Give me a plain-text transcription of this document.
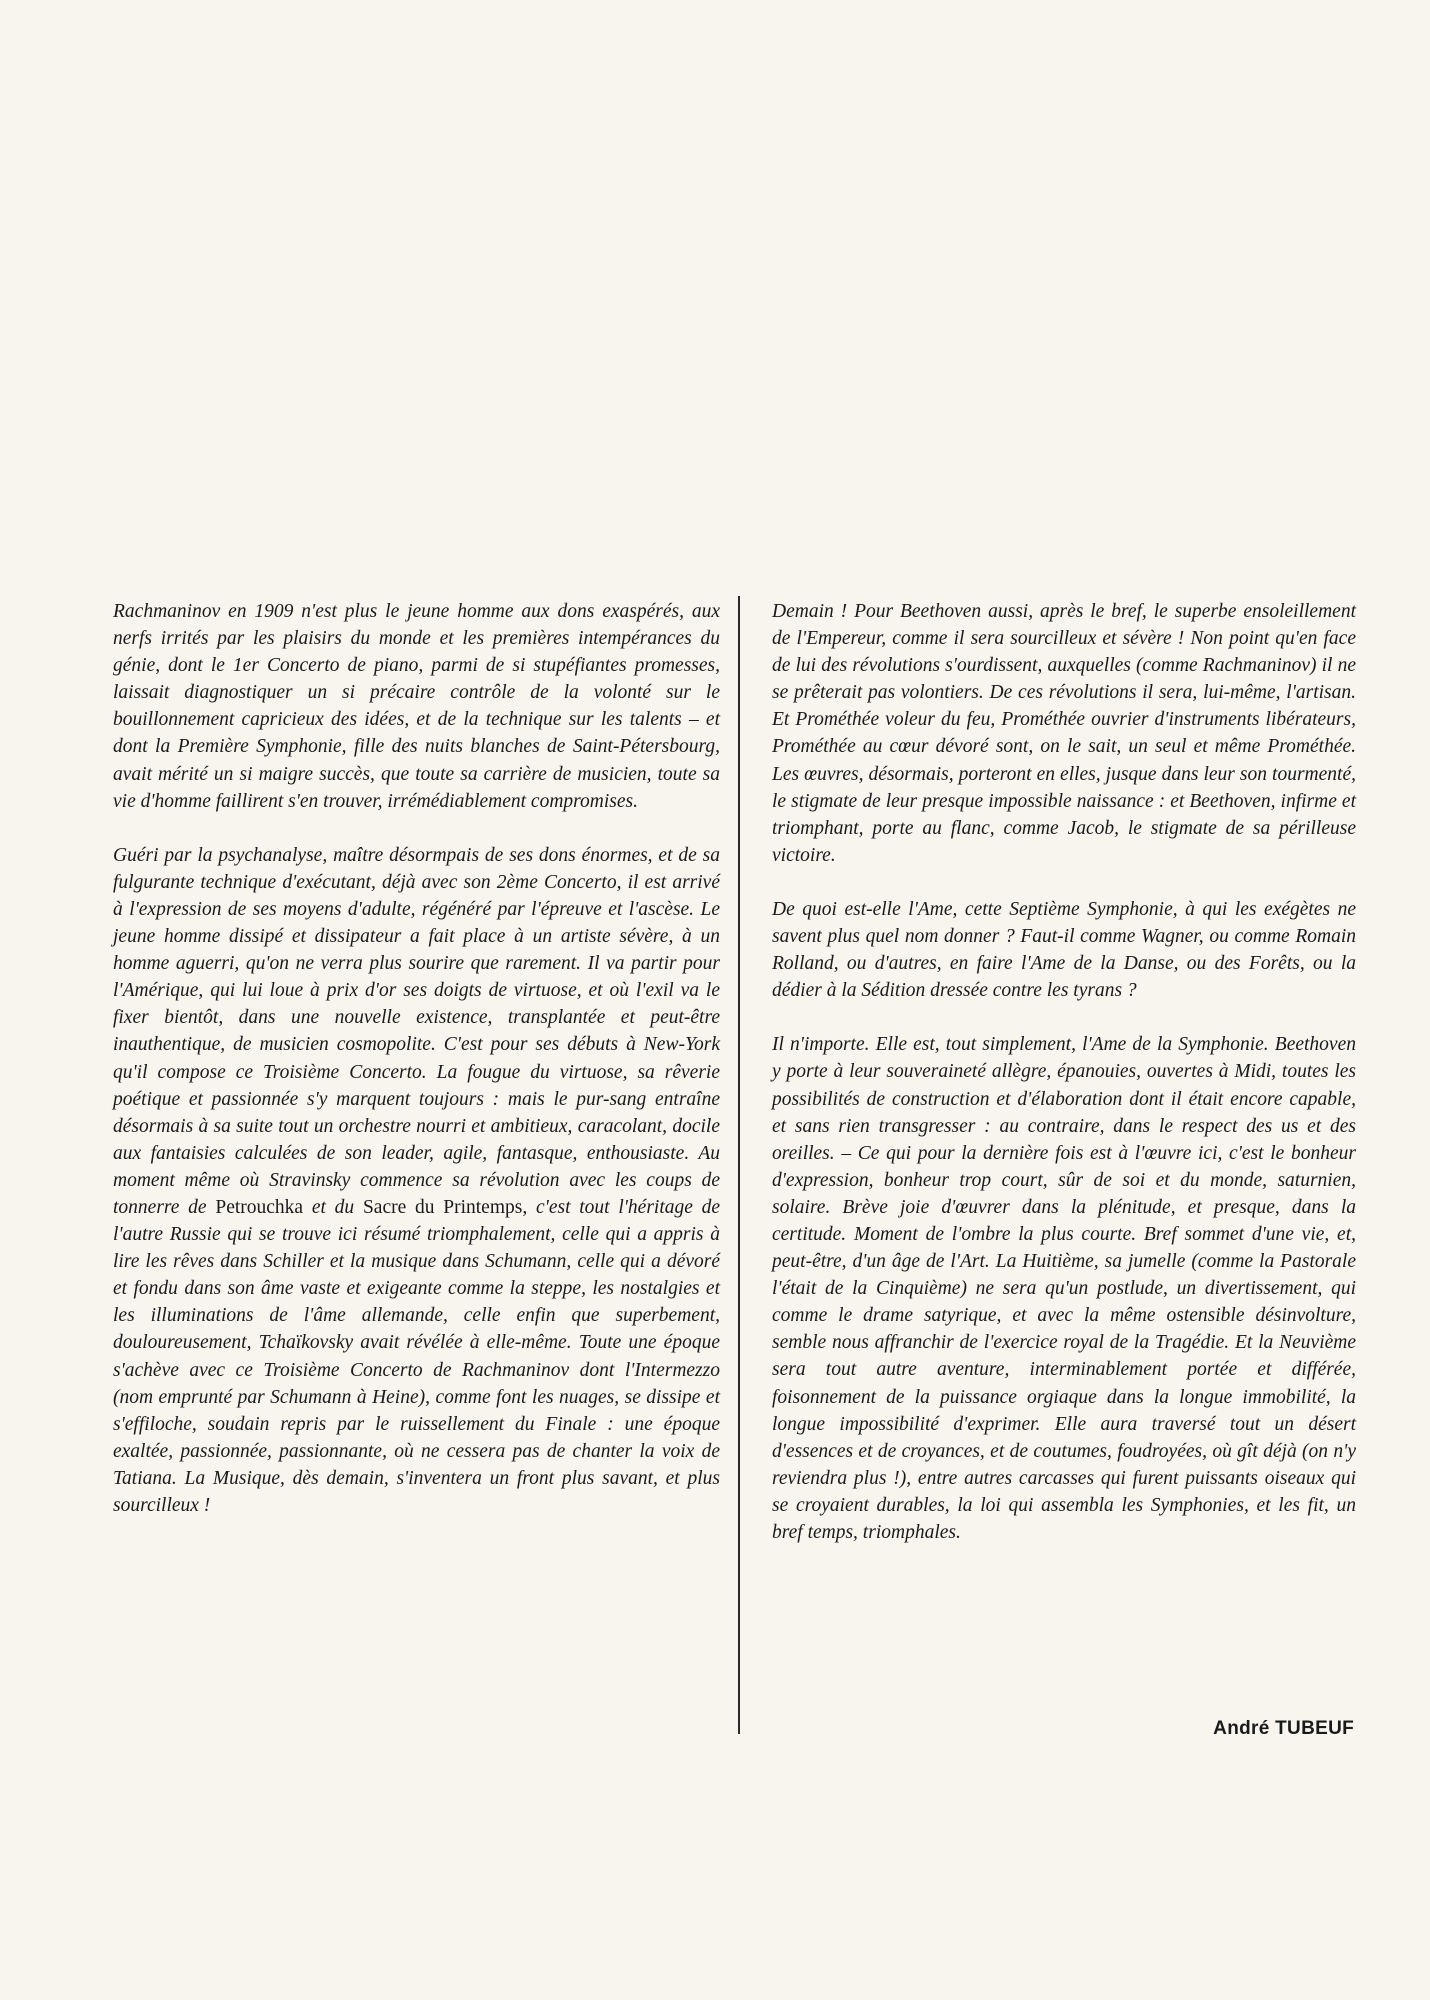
Rachmaninov en 1909 n'est plus le jeune homme aux dons exaspérés, aux nerfs irrités par les plaisirs du monde et les premières intempérances du génie, dont le 1er Concerto de piano, parmi de si stupéfiantes promesses, laissait diagnostiquer un si précaire contrôle de la volonté sur le bouillonnement capricieux des idées, et de la technique sur les talents – et dont la Première Symphonie, fille des nuits blanches de Saint-Pétersbourg, avait mérité un si maigre succès, que toute sa carrière de musicien, toute sa vie d'homme faillirent s'en trouver, irrémédiablement compromises.

Guéri par la psychanalyse, maître désormpais de ses dons énormes, et de sa fulgurante technique d'exécutant, déjà avec son 2ème Concerto, il est arrivé à l'expression de ses moyens d'adulte, régénéré par l'épreuve et l'ascèse. Le jeune homme dissipé et dissipateur a fait place à un artiste sévère, à un homme aguerri, qu'on ne verra plus sourire que rarement. Il va partir pour l'Amérique, qui lui loue à prix d'or ses doigts de virtuose, et où l'exil va le fixer bientôt, dans une nouvelle existence, transplantée et peut-être inauthentique, de musicien cosmopolite. C'est pour ses débuts à New-York qu'il compose ce Troisième Concerto. La fougue du virtuose, sa rêverie poétique et passionnée s'y marquent toujours : mais le pur-sang entraîne désormais à sa suite tout un orchestre nourri et ambitieux, caracolant, docile aux fantaisies calculées de son leader, agile, fantasque, enthousiaste. Au moment même où Stravinsky commence sa révolution avec les coups de tonnerre de Petrouchka et du Sacre du Printemps, c'est tout l'héritage de l'autre Russie qui se trouve ici résumé triomphalement, celle qui a appris à lire les rêves dans Schiller et la musique dans Schumann, celle qui a dévoré et fondu dans son âme vaste et exigeante comme la steppe, les nostalgies et les illuminations de l'âme allemande, celle enfin que superbement, douloureusement, Tchaïkovsky avait révélée à elle-même. Toute une époque s'achève avec ce Troisième Concerto de Rachmaninov dont l'Intermezzo (nom emprunté par Schumann à Heine), comme font les nuages, se dissipe et s'effiloche, soudain repris par le ruissellement du Finale : une époque exaltée, passionnée, passionnante, où ne cessera pas de chanter la voix de Tatiana. La Musique, dès demain, s'inventera un front plus savant, et plus sourcilleux !

Demain ! Pour Beethoven aussi, après le bref, le superbe ensoleillement de l'Empereur, comme il sera sourcilleux et sévère ! Non point qu'en face de lui des révolutions s'ourdissent, auxquelles (comme Rachmaninov) il ne se prêterait pas volontiers. De ces révolutions il sera, lui-même, l'artisan. Et Prométhée voleur du feu, Prométhée ouvrier d'instruments libérateurs, Prométhée au cœur dévoré sont, on le sait, un seul et même Prométhée. Les œuvres, désormais, porteront en elles, jusque dans leur son tourmenté, le stigmate de leur presque impossible naissance : et Beethoven, infirme et triomphant, porte au flanc, comme Jacob, le stigmate de sa périlleuse victoire.

De quoi est-elle l'Ame, cette Septième Symphonie, à qui les exégètes ne savent plus quel nom donner ? Faut-il comme Wagner, ou comme Romain Rolland, ou d'autres, en faire l'Ame de la Danse, ou des Forêts, ou la dédier à la Sédition dressée contre les tyrans ?

Il n'importe. Elle est, tout simplement, l'Ame de la Symphonie. Beethoven y porte à leur souveraineté allègre, épanouies, ouvertes à Midi, toutes les possibilités de construction et d'élaboration dont il était encore capable, et sans rien transgresser : au contraire, dans le respect des us et des oreilles. – Ce qui pour la dernière fois est à l'œuvre ici, c'est le bonheur d'expression, bonheur trop court, sûr de soi et du monde, saturnien, solaire. Brève joie d'œuvrer dans la plénitude, et presque, dans la certitude. Moment de l'ombre la plus courte. Bref sommet d'une vie, et, peut-être, d'un âge de l'Art. La Huitième, sa jumelle (comme la Pastorale l'était de la Cinquième) ne sera qu'un postlude, un divertissement, qui comme le drame satyrique, et avec la même ostensible désinvolture, semble nous affranchir de l'exercice royal de la Tragédie. Et la Neuvième sera tout autre aventure, interminablement portée et différée, foisonnement de la puissance orgiaque dans la longue immobilité, la longue impossibilité d'exprimer. Elle aura traversé tout un désert d'essences et de croyances, et de coutumes, foudroyées, où gît déjà (on n'y reviendra plus !), entre autres carcasses qui furent puissants oiseaux qui se croyaient durables, la loi qui assembla les Symphonies, et les fit, un bref temps, triomphales.

André TUBEUF
